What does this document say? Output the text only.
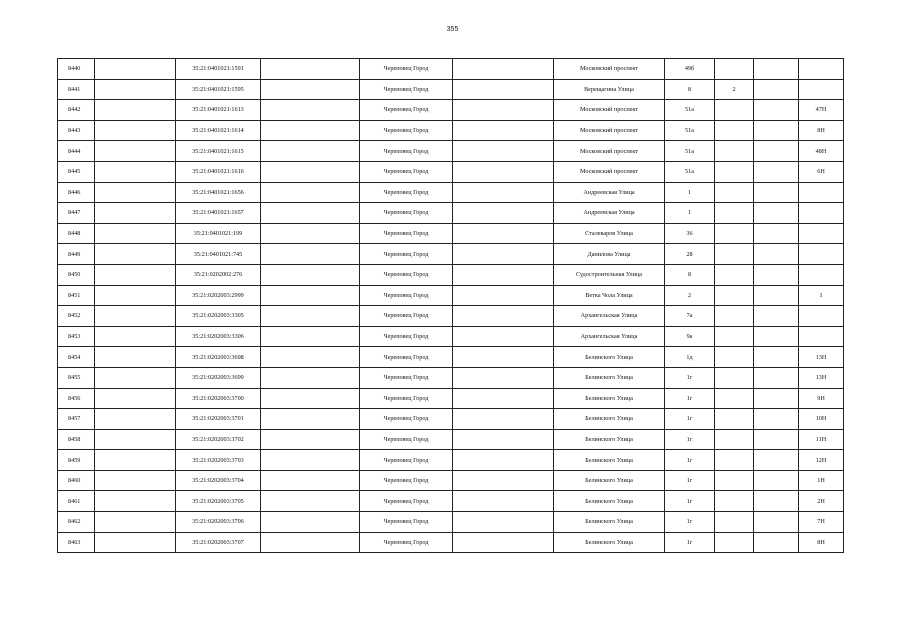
355
8440		35:21:0401021:1591		Череповец Город		Московский проспект	49б			
8441		35:21:0401021:1595		Череповец Город		Верещагина Улица	8	2		
8442		35:21:0401021:1613		Череповец Город		Московский проспект	51а			47Н
8443		35:21:0401021:1614		Череповец Город		Московский проспект	51а			8Н
8444		35:21:0401021:1615		Череповец Город		Московский проспект	51а			48Н
8445		35:21:0401021:1616		Череповец Город		Московский проспект	51а			6Н
8446		35:21:0401021:1656		Череповец Город		Андреевская Улица	1			
8447		35:21:0401021:1657		Череповец Город		Андреевская Улица	1			
8448		35:21:0401021:199		Череповец Город		Сталеваров Улица	36			
8449		35:21:0401021:745		Череповец Город		Данилова Улица	28			
8450		35:21:0202002:276		Череповец Город		Судостроительная Улица	8			
8451		35:21:0202003:2999		Череповец Город		Ветка Чола Улица	2			1
8452		35:21:0202003:3305		Череповец Город		Архангельская Улица	7а			
8453		35:21:0202003:3306		Череповец Город		Архангельская Улица	9а			
8454		35:21:0202003:3698		Череповец Город		Белинского Улица	1д			13Н
8455		35:21:0202003:3699		Череповец Город		Белинского Улица	1г			13Н
8456		35:21:0202003:3700		Череповец Город		Белинского Улица	1г			9Н
8457		35:21:0202003:3701		Череповец Город		Белинского Улица	1г			10Н
8458		35:21:0202003:3702		Череповец Город		Белинского Улица	1г			11Н
8459		35:21:0202003:3703		Череповец Город		Белинского Улица	1г			12Н
8460		35:21:0202003:3704		Череповец Город		Белинского Улица	1г			1Н
8461		35:21:0202003:3705		Череповец Город		Белинского Улица	1г			2Н
8462		35:21:0202003:3706		Череповец Город		Белинского Улица	1г			7Н
8463		35:21:0202003:3707		Череповец Город		Белинского Улица	1г			8Н
